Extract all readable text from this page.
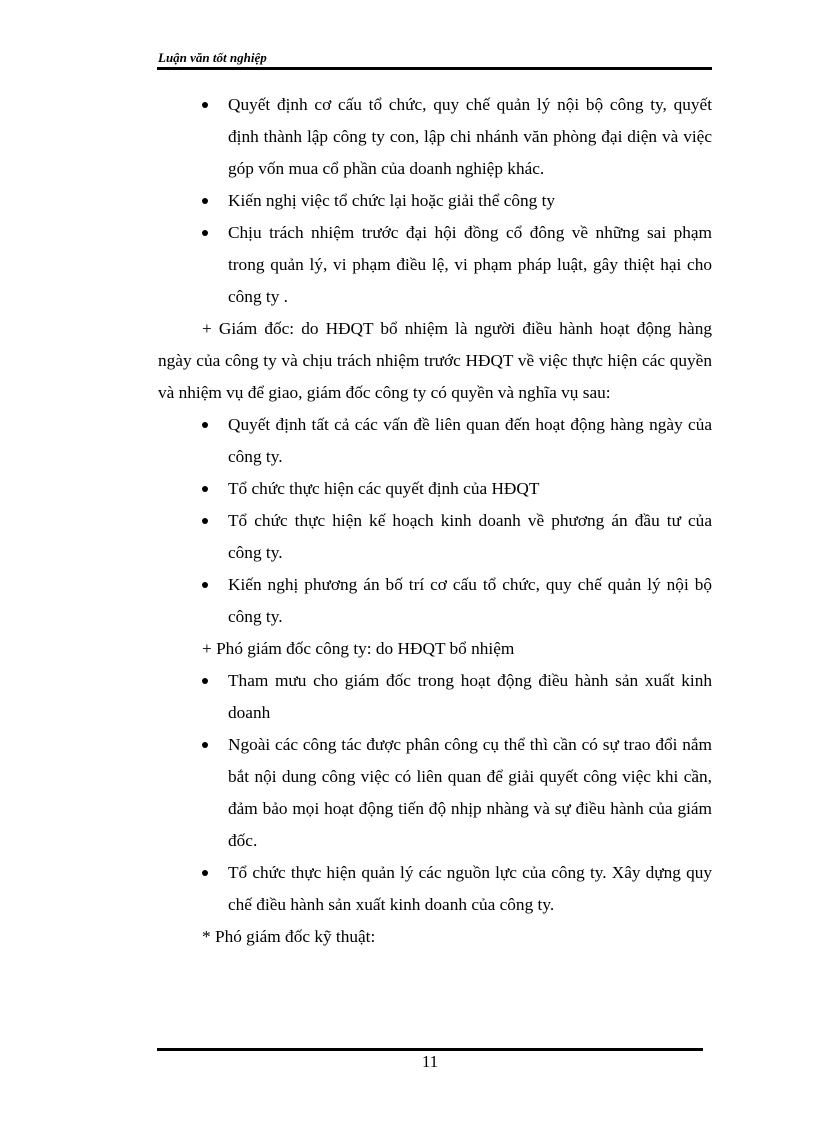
Luận văn tốt nghiệp
Quyết định cơ cấu tổ chức, quy chế quản lý nội bộ công ty, quyết định thành lập công ty con, lập chi nhánh văn phòng đại diện và việc góp vốn mua cổ phần của doanh nghiệp khác.
Kiến nghị việc tổ chức lại hoặc giải thể công ty
Chịu trách nhiệm trước đại hội đồng cổ đông về những sai phạm trong quản lý, vi phạm điều lệ, vi phạm pháp luật, gây thiệt hại cho công ty .
+ Giám đốc: do HĐQT bổ nhiệm là người điều hành hoạt động hàng ngày của công ty và chịu trách nhiệm trước HĐQT về việc thực hiện các quyền và nhiệm vụ để giao, giám đốc công ty có quyền và nghĩa vụ sau:
Quyết định tất cả các vấn đề liên quan đến hoạt động hàng ngày của công ty.
Tổ chức thực hiện các quyết định của HĐQT
Tổ chức thực hiện kế hoạch kinh doanh về phương án đầu tư của công ty.
Kiến nghị phương án bố trí cơ cấu tổ chức, quy chế quản lý nội bộ công ty.
+ Phó giám đốc công ty: do HĐQT bổ nhiệm
Tham mưu cho giám đốc trong hoạt động điều hành sản xuất kinh doanh
Ngoài các công tác được phân công cụ thể thì cần có sự trao đổi nắm bắt nội dung công việc có liên quan để giải quyết công việc khi cần, đảm bảo mọi hoạt động tiến độ nhịp nhàng và sự điều hành của giám đốc.
Tổ chức thực hiện quản lý các nguồn lực của công ty. Xây dựng quy chế điều hành sản xuất kinh doanh của công ty.
* Phó giám đốc kỹ thuật:
11
